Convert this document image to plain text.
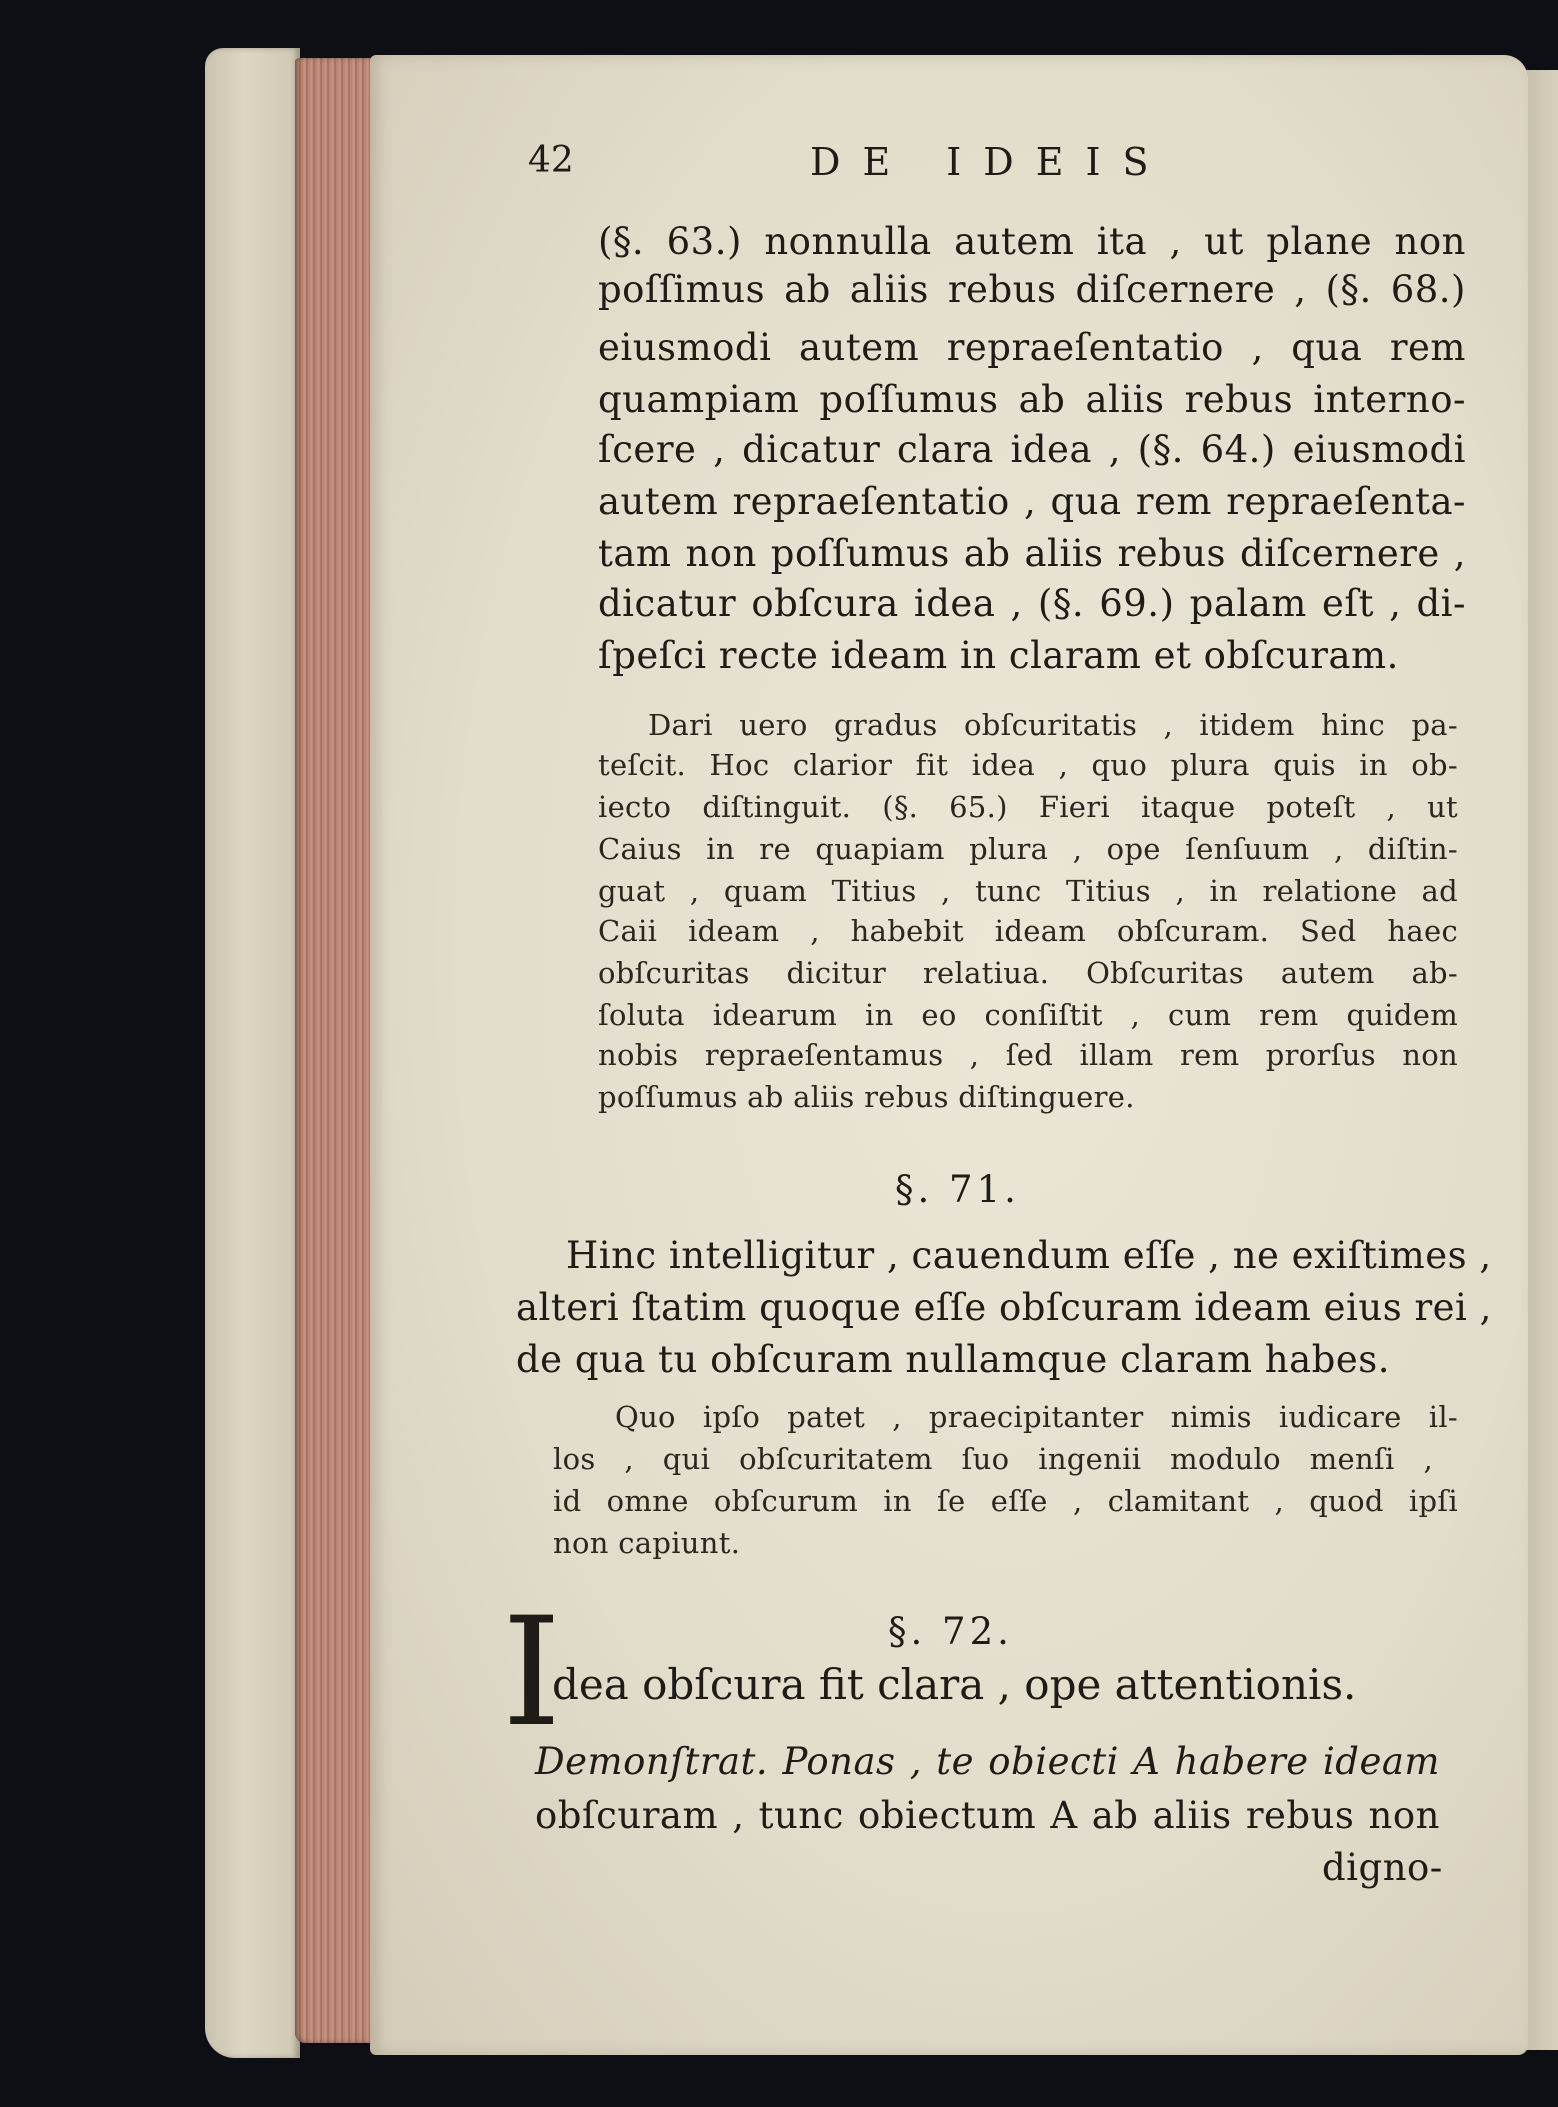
42	DE IDEIS
(§. 63.) nonnulla autem ita , ut plane non
poſſimus ab aliis rebus diſcernere , (§. 68.)
eiusmodi autem repraeſentatio , qua rem
quampiam poſſumus ab aliis rebus interno-
ſcere , dicatur clara idea , (§. 64.) eiusmodi
autem repraeſentatio , qua rem repraeſenta-
tam non poſſumus ab aliis rebus diſcernere ,
dicatur obſcura idea , (§. 69.) palam eſt , di-
ſpeſci recte ideam in claram et obſcuram.
Dari uero gradus obſcuritatis , itidem hinc pa-
teſcit. Hoc clarior fit idea , quo plura quis in ob-
iecto diſtinguit. (§. 65.) Fieri itaque poteſt , ut
Caius in re quapiam plura , ope ſenſuum , diſtin-
guat , quam Titius , tunc Titius , in relatione ad
Caii ideam , habebit ideam obſcuram. Sed haec
obſcuritas dicitur relatiua. Obſcuritas autem ab-
ſoluta idearum in eo conſiſtit , cum rem quidem
nobis repraeſentamus , ſed illam rem prorſus non
poſſumus ab aliis rebus diſtinguere.
§. 71.
Hinc intelligitur , cauendum eſſe , ne exiſtimes ,
alteri ſtatim quoque eſſe obſcuram ideam eius rei ,
de qua tu obſcuram nullamque claram habes.
Quo ipſo patet , praecipitanter nimis iudicare il-
los , qui obſcuritatem ſuo ingenii modulo menſi ,
id omne obſcurum in ſe eſſe , clamitant , quod ipſi
non capiunt.
§. 72.
I
dea obſcura fit clara , ope attentionis.
Demonſtrat. Ponas , te obiecti A habere ideam
obſcuram , tunc obiectum A ab aliis rebus non
digno-
